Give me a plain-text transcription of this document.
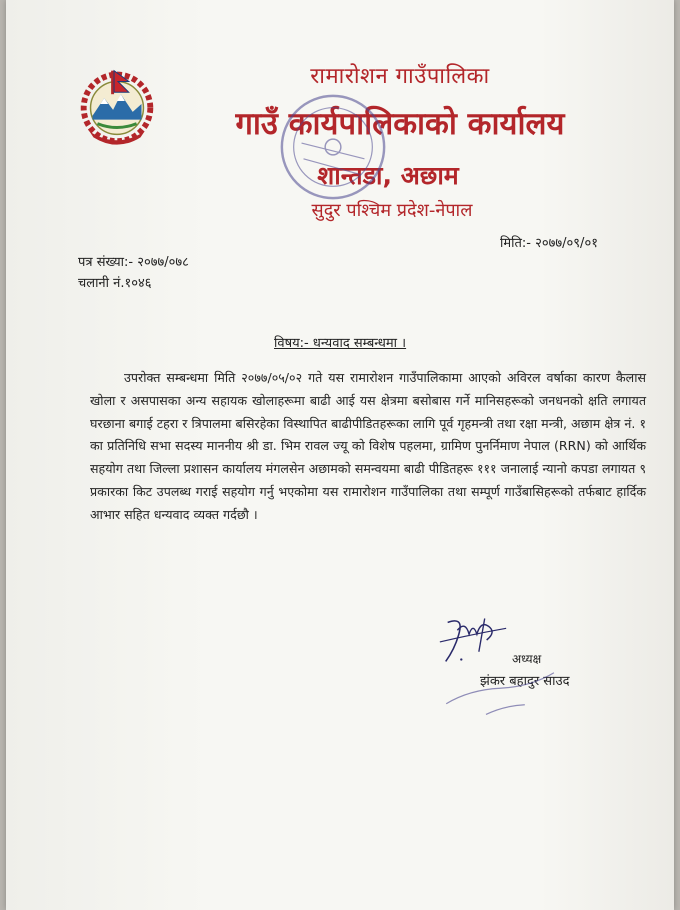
रामारोशन गाउँपालिका
गाउँ कार्यपालिकाको कार्यालय
शान्तडा, अछाम
सुदुर पश्चिम प्रदेश-नेपाल
मिति:- २०७७/०९/०१
पत्र संख्या:- २०७७/०७८
चलानी नं.१०४६
विषय:- धन्यवाद सम्बन्धमा ।
उपरोक्त सम्बन्धमा मिति २०७७/०५/०२ गते यस रामारोशन गाउँपालिकामा आएको अविरल वर्षाका कारण कैलास खोला र असपासका अन्य सहायक खोलाहरूमा बाढी आई यस क्षेत्रमा बसोबास गर्ने मानिसहरूको जनधनको क्षति लगायत घरछाना बगाई टहरा र त्रिपालमा बसिरहेका विस्थापित बाढीपीडितहरूका लागि पूर्व गृहमन्त्री तथा रक्षा मन्त्री, अछाम क्षेत्र नं. १ का प्रतिनिधि सभा सदस्य माननीय श्री डा. भिम रावल ज्यू को विशेष पहलमा, ग्रामिण पुनर्निमाण नेपाल (RRN) को आर्थिक सहयोग तथा जिल्ला प्रशासन कार्यालय मंगलसेन अछामको समन्वयमा बाढी पीडितहरू १११ जनालाई न्यानो कपडा लगायत ९ प्रकारका किट उपलब्ध गराई सहयोग गर्नु भएकोमा यस रामारोशन गाउँपालिका तथा सम्पूर्ण गाउँबासिहरूको तर्फबाट हार्दिक आभार सहित धन्यवाद व्यक्त गर्दछौ ।
अध्यक्ष
झंकर बहादुर साउद
